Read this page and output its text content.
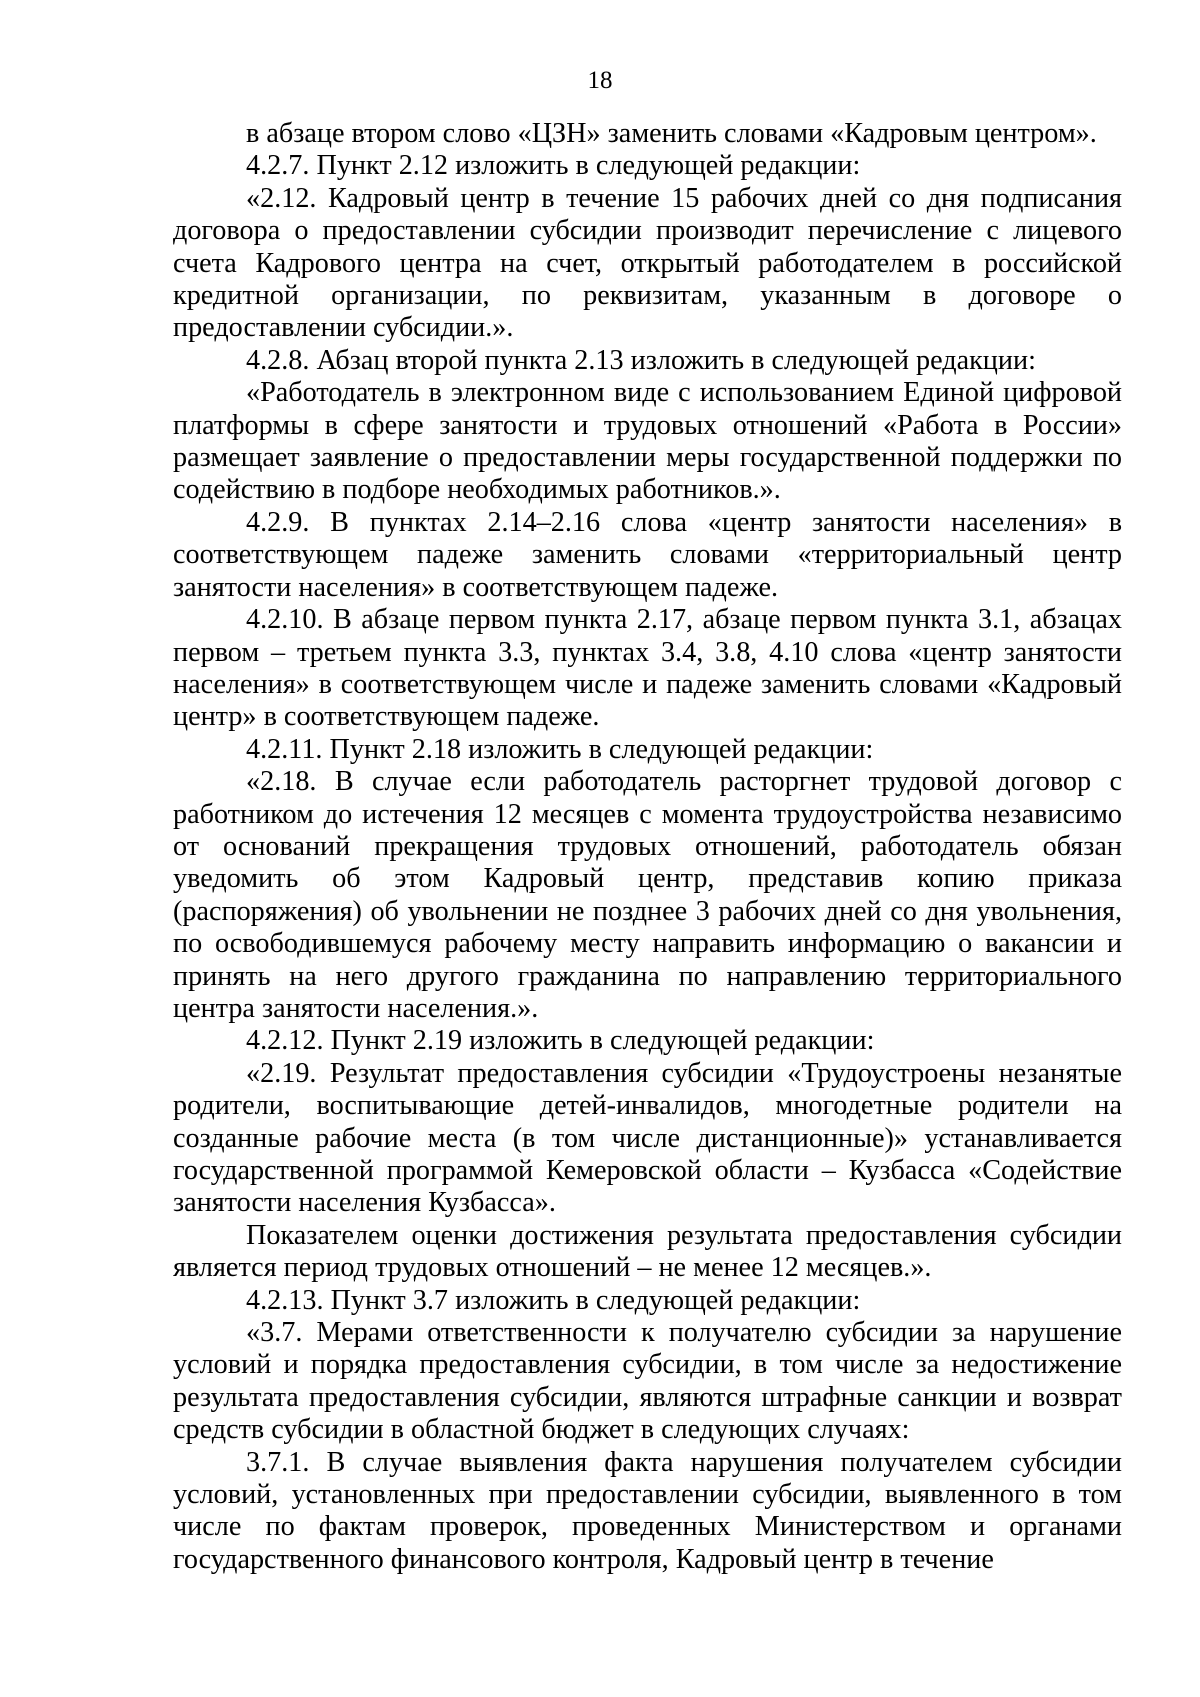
18

в абзаце втором слово «ЦЗН» заменить словами «Кадровым центром».

4.2.7. Пункт 2.12 изложить в следующей редакции:

«2.12. Кадровый центр в течение 15 рабочих дней со дня подписания договора о предоставлении субсидии производит перечисление с лицевого счета Кадрового центра на счет, открытый работодателем в российской кредитной организации, по реквизитам, указанным в договоре о предоставлении субсидии.».

4.2.8. Абзац второй пункта 2.13 изложить в следующей редакции:

«Работодатель в электронном виде с использованием Единой цифровой платформы в сфере занятости и трудовых отношений «Работа в России» размещает заявление о предоставлении меры государственной поддержки по содействию в подборе необходимых работников.».

4.2.9. В пунктах 2.14–2.16 слова «центр занятости населения» в соответствующем падеже заменить словами «территориальный центр занятости населения» в соответствующем падеже.

4.2.10. В абзаце первом пункта 2.17, абзаце первом пункта 3.1, абзацах первом – третьем пункта 3.3, пунктах 3.4, 3.8, 4.10 слова «центр занятости населения» в соответствующем числе и падеже заменить словами «Кадровый центр» в соответствующем падеже.

4.2.11. Пункт 2.18 изложить в следующей редакции:

«2.18. В случае если работодатель расторгнет трудовой договор с работником до истечения 12 месяцев с момента трудоустройства независимо от оснований прекращения трудовых отношений, работодатель обязан уведомить об этом Кадровый центр, представив копию приказа (распоряжения) об увольнении не позднее 3 рабочих дней со дня увольнения, по освободившемуся рабочему месту направить информацию о вакансии и принять на него другого гражданина по направлению территориального центра занятости населения.».

4.2.12. Пункт 2.19 изложить в следующей редакции:

«2.19. Результат предоставления субсидии «Трудоустроены незанятые родители, воспитывающие детей-инвалидов, многодетные родители на созданные рабочие места (в том числе дистанционные)» устанавливается государственной программой Кемеровской области – Кузбасса «Содействие занятости населения Кузбасса».

Показателем оценки достижения результата предоставления субсидии является период трудовых отношений – не менее 12 месяцев.».

4.2.13. Пункт 3.7 изложить в следующей редакции:

«3.7. Мерами ответственности к получателю субсидии за нарушение условий и порядка предоставления субсидии, в том числе за недостижение результата предоставления субсидии, являются штрафные санкции и возврат средств субсидии в областной бюджет в следующих случаях:

3.7.1. В случае выявления факта нарушения получателем субсидии условий, установленных при предоставлении субсидии, выявленного в том числе по фактам проверок, проведенных Министерством и органами государственного финансового контроля, Кадровый центр в течение
